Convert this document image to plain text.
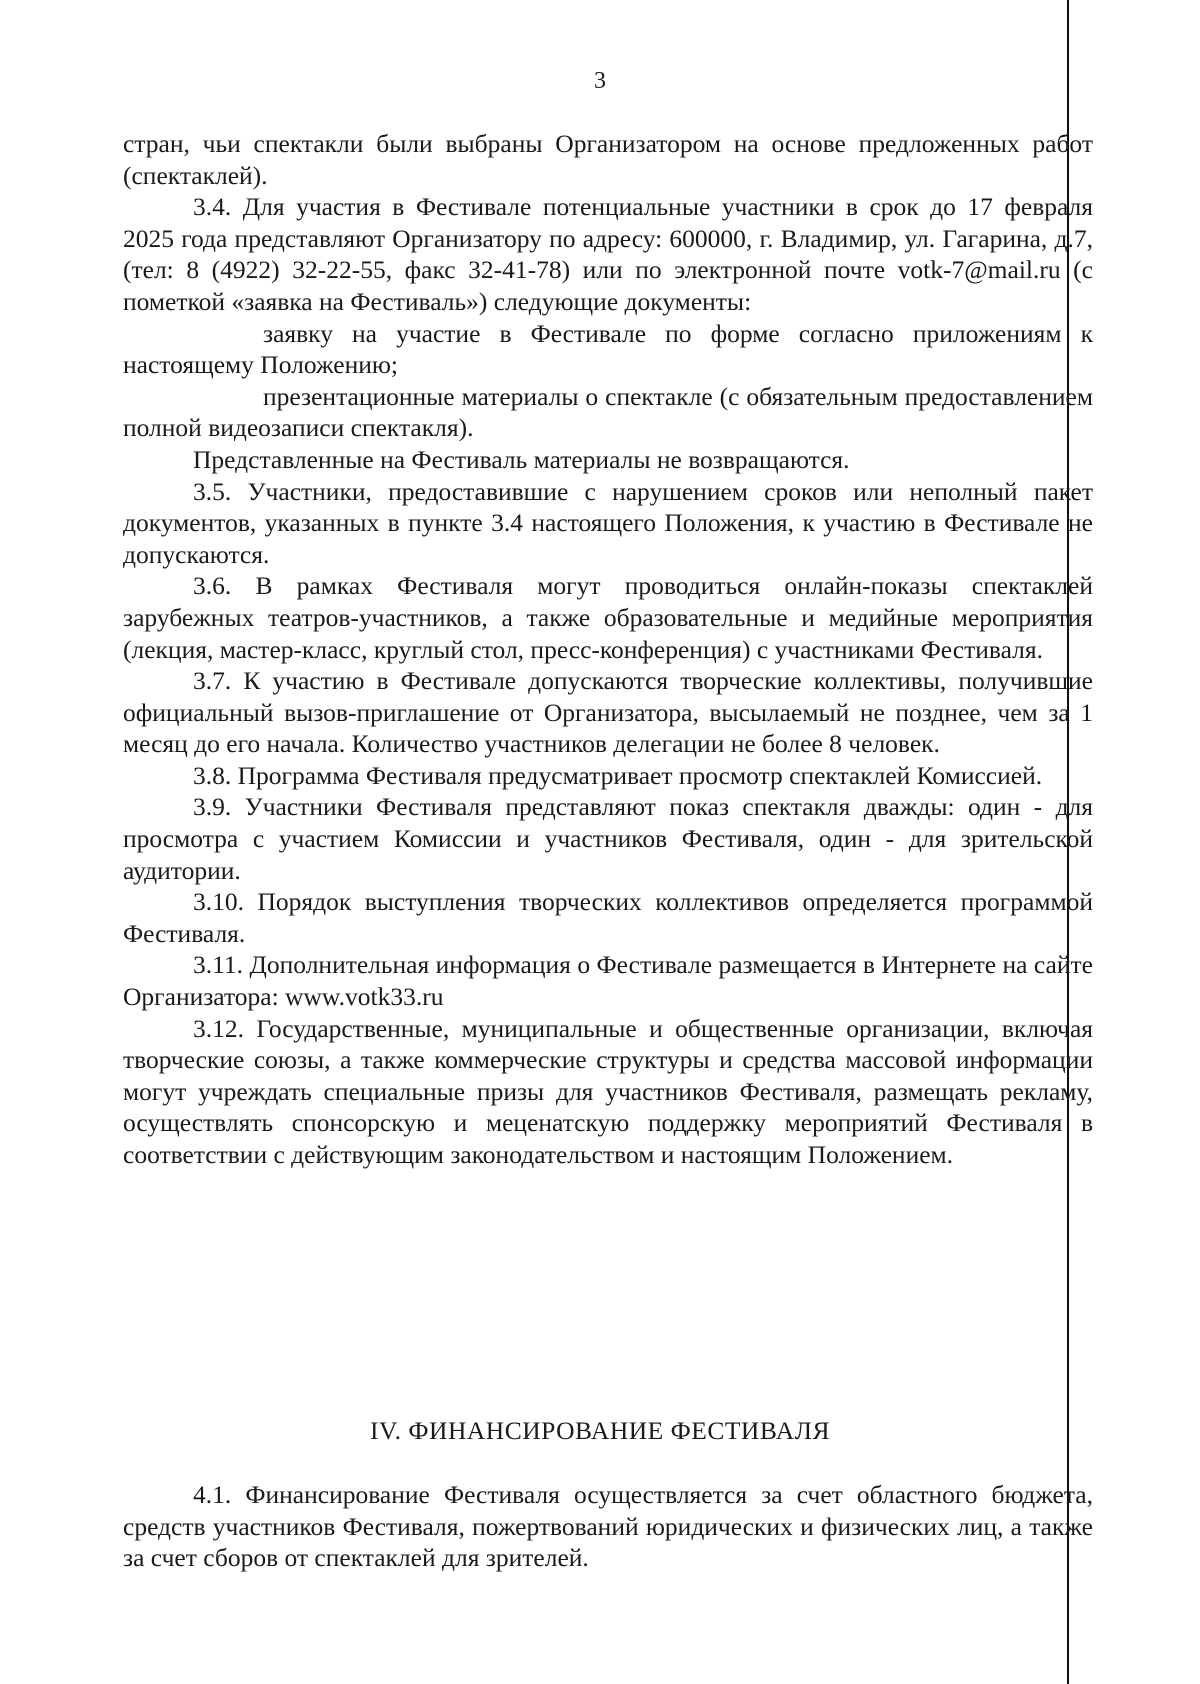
3

стран, чьи спектакли были выбраны Организатором на основе предложенных работ (спектаклей).

3.4. Для участия в Фестивале потенциальные участники в срок до 17 февраля 2025 года представляют Организатору по адресу: 600000, г. Владимир, ул. Гагарина, д.7, (тел: 8 (4922) 32-22-55, факс 32-41-78) или по электронной почте votk-7@mail.ru (с пометкой «заявка на Фестиваль») следующие документы:

заявку на участие в Фестивале по форме согласно приложениям к настоящему Положению;

презентационные материалы о спектакле (с обязательным предоставлением полной видеозаписи спектакля).

Представленные на Фестиваль материалы не возвращаются.

3.5. Участники, предоставившие с нарушением сроков или неполный пакет документов, указанных в пункте 3.4 настоящего Положения, к участию в Фестивале не допускаются.

3.6. В рамках Фестиваля могут проводиться онлайн-показы спектаклей зарубежных театров-участников, а также образовательные и медийные мероприятия (лекция, мастер-класс, круглый стол, пресс-конференция) с участниками Фестиваля.

3.7. К участию в Фестивале допускаются творческие коллективы, получившие официальный вызов-приглашение от Организатора, высылаемый не позднее, чем за 1 месяц до его начала. Количество участников делегации не более 8 человек.

3.8. Программа Фестиваля предусматривает просмотр спектаклей Комиссией.

3.9. Участники Фестиваля представляют показ спектакля дважды: один - для просмотра с участием Комиссии и участников Фестиваля, один - для зрительской аудитории.

3.10. Порядок выступления творческих коллективов определяется программой Фестиваля.

3.11. Дополнительная информация о Фестивале размещается в Интернете на сайте Организатора: www.votk33.ru

3.12. Государственные, муниципальные и общественные организации, включая творческие союзы, а также коммерческие структуры и средства массовой информации могут учреждать специальные призы для участников Фестиваля, размещать рекламу, осуществлять спонсорскую и меценатскую поддержку мероприятий Фестиваля в соответствии с действующим законодательством и настоящим Положением.

IV. ФИНАНСИРОВАНИЕ ФЕСТИВАЛЯ

4.1. Финансирование Фестиваля осуществляется за счет областного бюджета, средств участников Фестиваля, пожертвований юридических и физических лиц, а также за счет сборов от спектаклей для зрителей.
